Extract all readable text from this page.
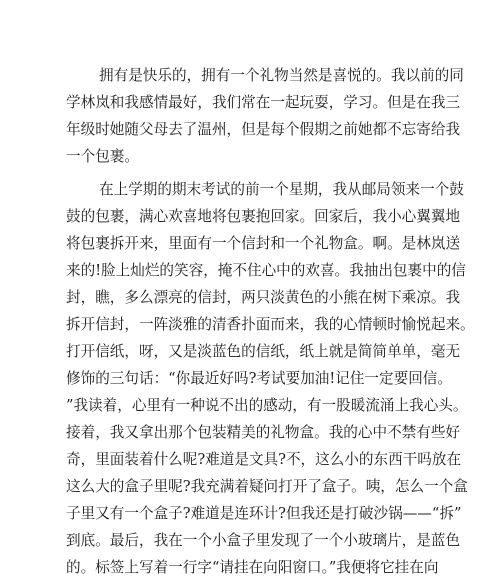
拥有是快乐的，拥有一个礼物当然是喜悦的。我以前的同
学林岚和我感情最好，我们常在一起玩耍，学习。但是在我三
年级时她随父母去了温州，但是每个假期之前她都不忘寄给我
一个包裹。

在上学期的期末考试的前一个星期，我从邮局领来一个鼓
鼓的包裹，满心欢喜地将包裹抱回家。回家后，我小心翼翼地
将包裹拆开来，里面有一个信封和一个礼物盒。啊。是林岚送
来的!脸上灿烂的笑容，掩不住心中的欢喜。我抽出包裹中的信
封，瞧，多么漂亮的信封，两只淡黄色的小熊在树下乘凉。我
拆开信封，一阵淡雅的清香扑面而来，我的心情顿时愉悦起来。
打开信纸，呀，又是淡蓝色的信纸，纸上就是简简单单，毫无
修饰的三句话：“你最近好吗?考试要加油!记住一定要回信。
”我读着，心里有一种说不出的感动，有一股暖流涌上我心头。
接着，我又拿出那个包装精美的礼物盒。我的心中不禁有些好
奇，里面装着什么呢?难道是文具?不，这么小的东西干吗放在
这么大的盒子里呢?我充满着疑问打开了盒子。咦，怎么一个盒
子里又有一个盒子?难道是连环计?但我还是打破沙锅——“拆”
到底。最后，我在一个小盒子里发现了一个小玻璃片，是蓝色
的。标签上写着一行字“请挂在向阳窗口。”我便将它挂在向
